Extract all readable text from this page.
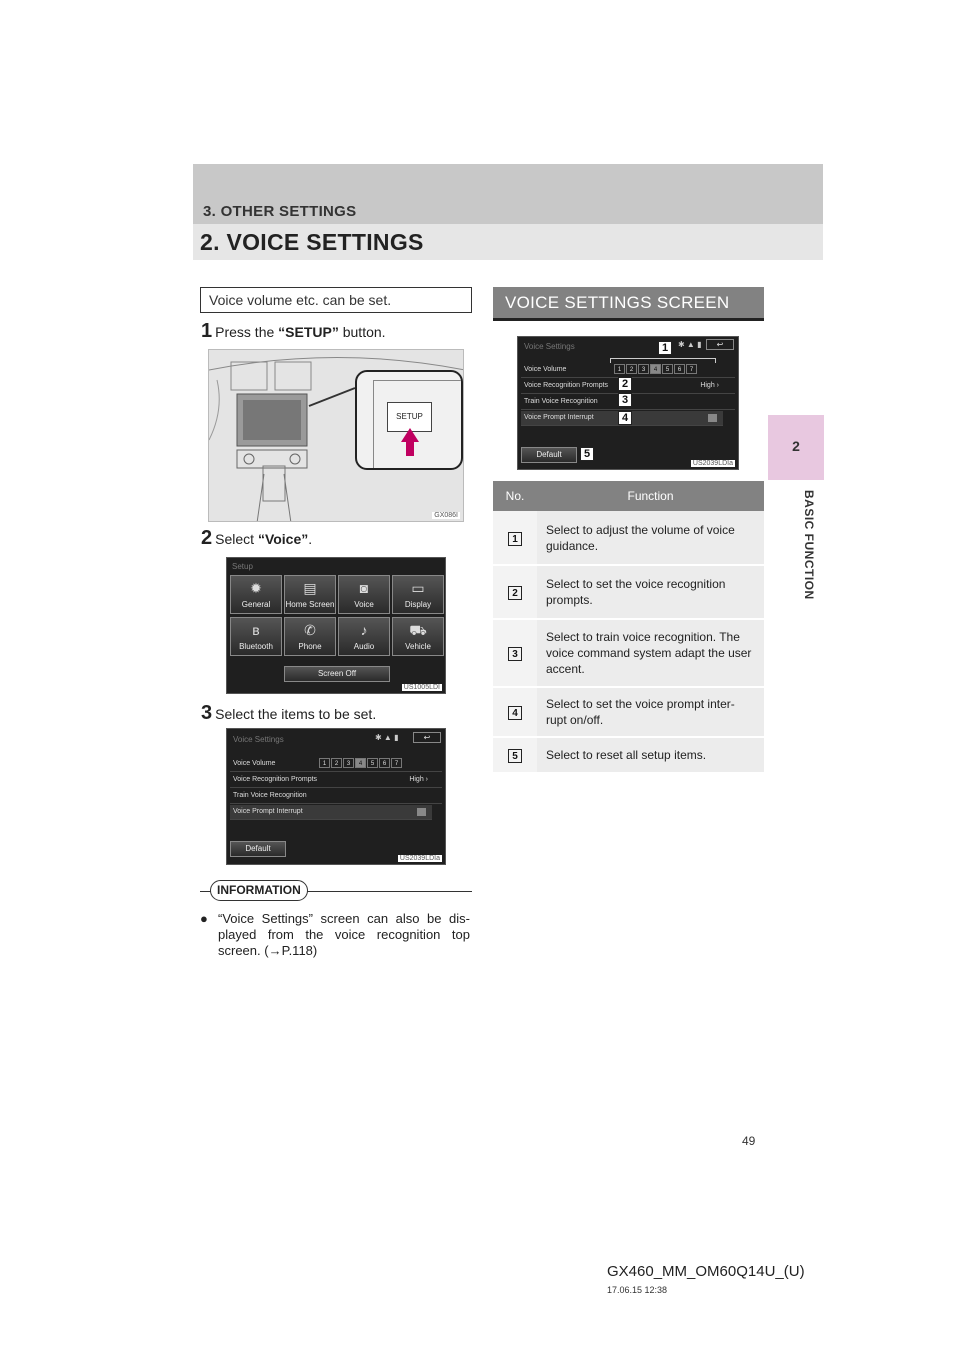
3. OTHER SETTINGS
2. VOICE SETTINGS
2
BASIC FUNCTION
Voice volume etc. can be set.
1 Press the “SETUP” button.
SETUP
GX086I
2 Select “Voice”.
Setup
✹
General
▤
Home Screen
◙
Voice
▭
Display
ʙ
Bluetooth
✆
Phone
♪
Audio
⛟
Vehicle
Screen Off
US1005LDI
3 Select the items to be set.
Voice Settings	✱ ▲ ▮	↩
Voice Volume	1 2 3 4 5 6 7
Voice Recognition Prompts	High ›
Train Voice Recognition
Voice Prompt Interrupt
Default
US2039LDIa
INFORMATION
● “Voice Settings” screen can also be dis-played from the voice recognition top screen. (→P.118)
VOICE SETTINGS SCREEN
Voice Settings	✱ ▲ ▮	↩
Voice Volume	1 2 3 4 5 6 7
Voice Recognition Prompts	High ›
Train Voice Recognition
Voice Prompt Interrupt
Default
1
2
3
4
5
US2039LDIa
No.	Function
1	Select to adjust the volume of voice guidance.
2	Select to set the voice recognition prompts.
3	Select to train voice recognition. The voice command system adapt the user accent.
4	Select to set the voice prompt inter-rupt on/off.
5	Select to reset all setup items.
49
GX460_MM_OM60Q14U_(U)
17.06.15 12:38
